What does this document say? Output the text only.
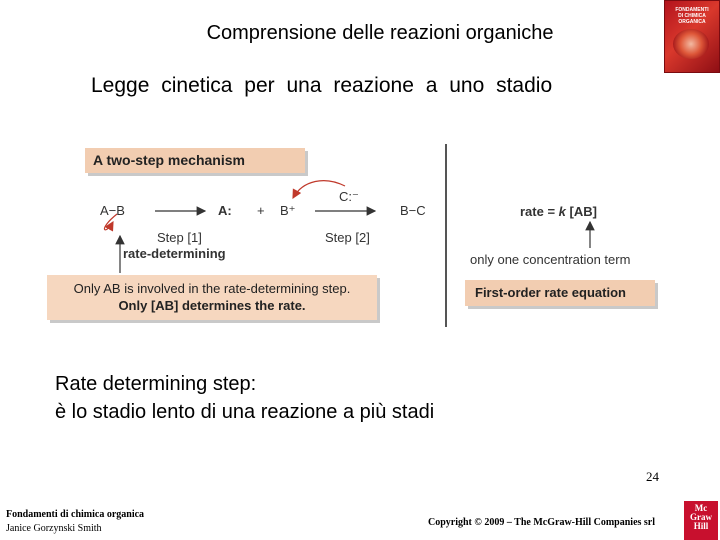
Comprensione delle reazioni organiche
Legge cinetica per una reazione a uno stadio
FONDAMENTI
DI CHIMICA
ORGANICA
A two-step mechanism
A−B	A: + B⁺
C:⁻
B−C
Step [1]
rate-determining
Step [2]
Only AB is involved in the rate-determining step.
Only [AB] determines the rate.
rate = k [AB]
only one concentration term
First-order rate equation
Rate determining step:
è lo stadio lento di una reazione a più stadi
24
Fondamenti di chimica organica
Janice Gorzynski Smith
Copyright © 2009 – The McGraw-Hill Companies srl
Mc
Graw
Hill
